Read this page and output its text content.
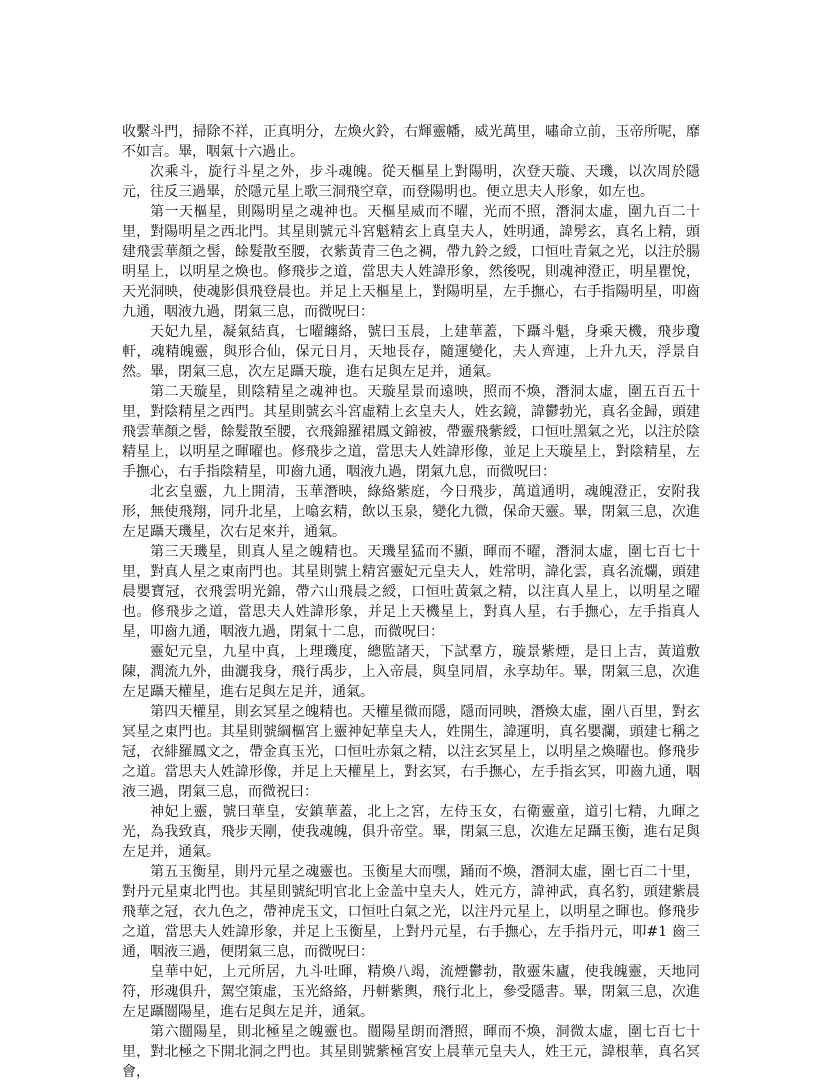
收繫斗門，掃除不祥，正真明分，左煥火鈴，右輝靈幡，威光萬里，嘯命立前，玉帝所呢，靡不如言。畢，咽氣十六過止。

次乘斗，旋行斗星之外，步斗魂魄。從天樞星上對陽明，次登天璇、天璣，以次周於隱元，往反三過畢，於隱元星上歌三洞飛空章，而登陽明也。便立思夫人形象，如左也。

第一天樞星，則陽明星之魂神也。天樞星威而不曜，光而不照，潛洞太虛，圍九百二十里，對陽明星之西北門。其星則號元斗宮魁精玄上真皇夫人，姓明通，諱髣玄，真名上精，頭建飛雲華顏之髻，餘髮散至腰，衣紫黃青三色之裯，帶九鈴之綬，口恒吐青氣之光，以注於腸明星上，以明星之煥也。修飛步之道，當思夫人姓諱形象，然後呪，則魂神澄正，明星瞿悅，天光洞映，使魂影俱飛登晨也。并足上天樞星上，對陽明星，左手撫心，右手指陽明星，叩齒九通，咽液九過，閉氣三息，而微呪曰：

天妃九星，凝氣結真，七曜纏絡，號曰玉晨，上建華蓋，下躡斗魁，身乘天機，飛步瓊軒，魂精魄靈，與形合仙，保元日月，天地長存，隨運變化，夫人齊連，上升九天，浮景自然。畢，閉氣三息，次左足躡天璇，進右足與左足并，通氣。

第二天璇星，則陰精星之魂神也。天璇星景而遠映，照而不煥，潛洞太虛，圍五百五十里，對陰精星之西門。其星則號玄斗宮虛精上玄皇夫人，姓玄鏡，諱鬱勃光，真名金歸，頭建飛雲華顏之髻，餘髮散至腰，衣飛錦羅裙鳳文錦被，帶靈飛紫綬，口恒吐黑氣之光，以注於陰精星上，以明星之暉曜也。修飛步之道，當思夫人姓諱形像，並足上天璇星上，對陰精星，左手撫心，右手指陰精星，叩齒九通，咽液九過，閉氣九息，而微呪曰：

北玄皇靈，九上開清，玉華潛映，綠絡紫庭，今日飛步，萬道通明，魂魄澄正，安附我形，無使飛翔，同升北星，上噏玄精，飲以玉泉，變化九微，保命天靈。畢，閉氣三息，次進左足躡天璣星，次右足來并，通氣。

第三天璣星，則真人星之魄精也。天璣星猛而不顯，暉而不曜，潛洞太虛，圍七百七十里，對真人星之東南門也。其星則號上精宮靈妃元皇夫人，姓常明，諱化雲，真名流爛，頭建晨嬰寶冠，衣飛雲明光錦，帶六山飛晨之綬，口恒吐黃氣之精，以注真人星上，以明星之曜也。修飛步之道，當思夫人姓諱形象，并足上天機星上，對真人星，右手撫心，左手指真人星，叩齒九通，咽液九過，閉氣十二息，而微呪曰：

靈妃元皇，九星中真，上理璣度，總監諸天，下試羣方，璇景紫煙，是日上吉，黃道敷陳，潤流九外，曲灑我身，飛行禹步，上入帝晨，與皇同眉，永享劫年。畢，閉氣三息，次進左足躡天權星，進右足與左足并，通氣。

第四天權星，則玄冥星之魄精也。天權星微而隱，隱而同映，潛煥太虛，圍八百里，對玄冥星之東門也。其星則號綱樞宮上靈神妃華皇夫人，姓開生，諱運明，真名嬰瀾，頭建七稱之冠，衣緋羅鳳文之，帶金真玉光，口恒吐赤氣之精，以注玄冥星上，以明星之煥曜也。修飛步之道。當思夫人姓諱形像，并足上天權星上，對玄冥，右手撫心，左手指玄冥，叩齒九通，咽液三過，閉氣三息，而微祝曰：

神妃上靈，號曰華皇，安鎮華蓋，北上之宮，左侍玉女，右衛靈童，道引七精，九暉之光，為我致真，飛步天剛，使我魂魄，俱升帝堂。畢，閉氣三息，次進左足躡玉衡，進右足與左足并，通氣。

第五玉衡星，則丹元星之魂靈也。玉衡星大而嘿，踊而不煥，潛洞太虛，圍七百二十里，對丹元星東北門也。其星則號紀明官北上金盖中皇夫人，姓元方，諱神武，真名豹，頭建紫晨飛華之冠，衣九色之，帶神虎玉文，口恒吐白氣之光，以注丹元星上，以明星之暉也。修飛步之道，當思夫人姓諱形象，并足上玉衡星，上對丹元星，右手撫心，左手指丹元，叩#1 齒三通，咽液三過，便閉氣三息，而微呪曰：

皇華中妃，上元所居，九斗吐暉，精煥八竭，流煙鬱勃，散靈朱廬，使我魄靈，天地同符，形魂俱升，駕空策虛，玉光絡絡，丹軿紫輿，飛行北上，參受隱書。畢，閉氣三息，次進左足躡闓陽星，進右足與左足并，通氣。

第六闓陽星，則北極星之魄靈也。闓陽星朗而潛照，暉而不煥，洞微太虛，圍七百七十里，對北極之下開北洞之門也。其星則號紫極宮安上晨華元皇夫人，姓王元，諱根華，真名冥會，
